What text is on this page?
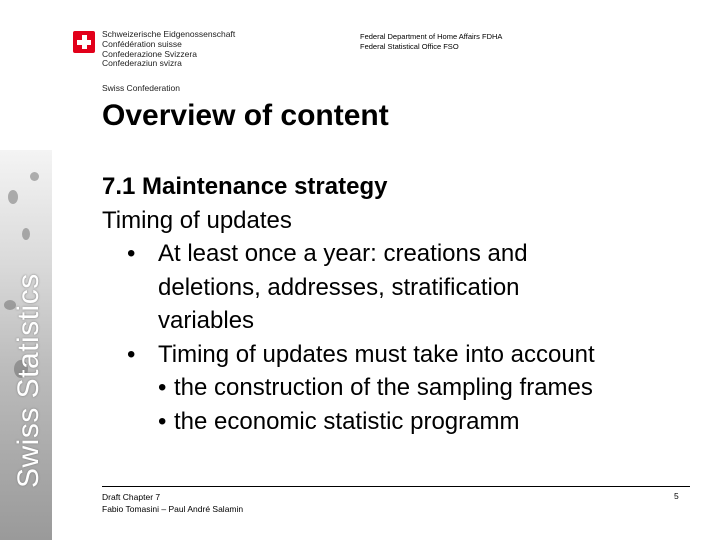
Swiss Statistics
Schweizerische Eidgenossenschaft
Confédération suisse
Confederazione Svizzera
Confederaziun svizra
Swiss Confederation
Federal Department of Home Affairs FDHA
Federal Statistical Office FSO
Overview of content
7.1 Maintenance strategy
Timing of updates
• At least once a year: creations and
deletions, addresses, stratification
variables
• Timing of updates must take into account
• the construction of the sampling frames
• the economic statistic programm
Draft Chapter 7
Fabio Tomasini – Paul André Salamin
5
